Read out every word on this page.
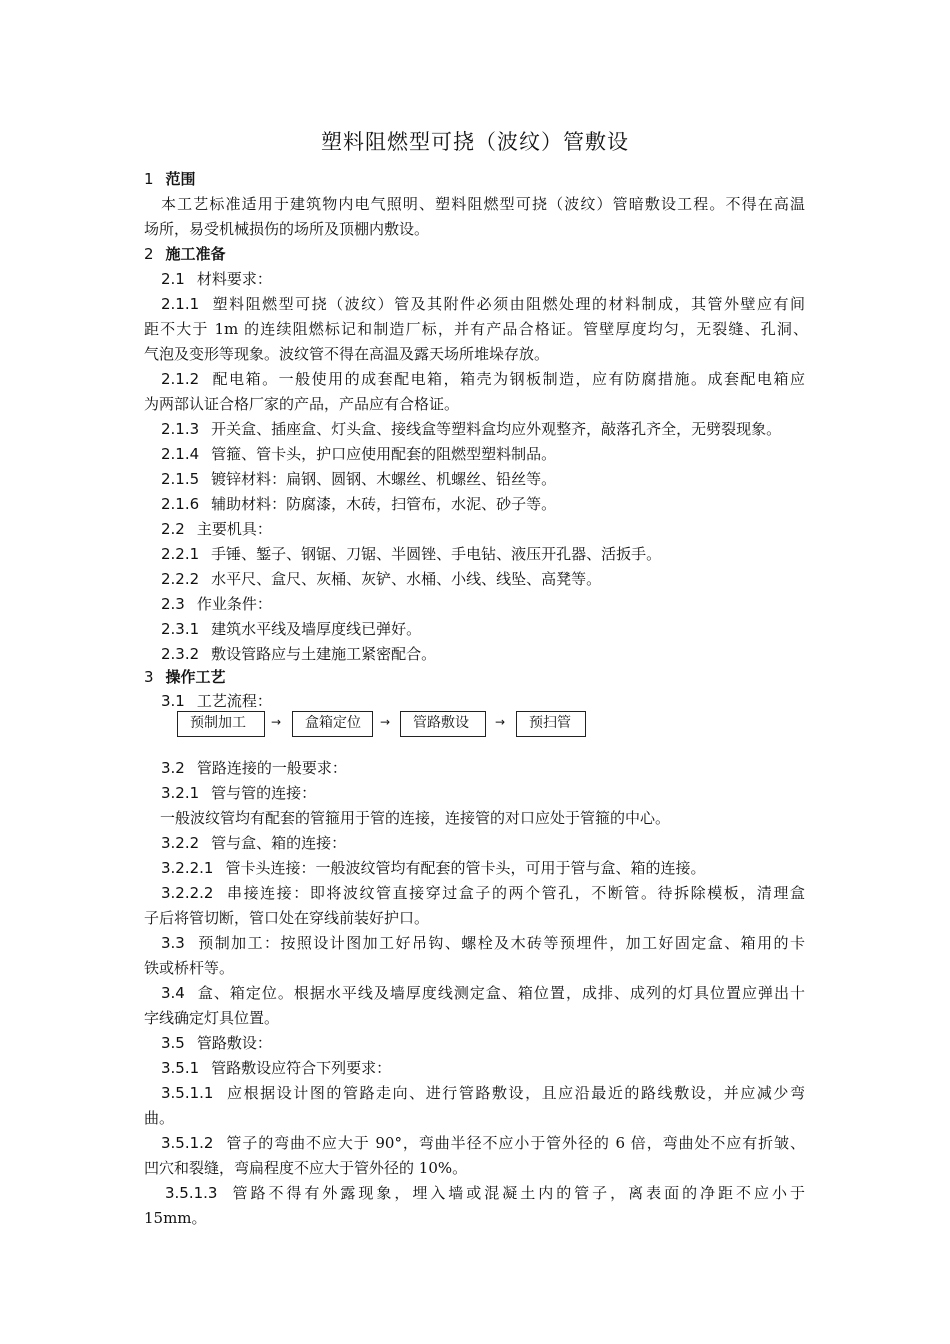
塑料阻燃型可挠（波纹）管敷设
1 范围
本工艺标准适用于建筑物内电气照明、塑料阻燃型可挠（波纹）管暗敷设工程。不得在高温
场所，易受机械损伤的场所及顶棚内敷设。
2 施工准备
2.1 材料要求：
2.1.1 塑料阻燃型可挠（波纹）管及其附件必须由阻燃处理的材料制成，其管外壁应有间
距不大于 1m 的连续阻燃标记和制造厂标，并有产品合格证。管壁厚度均匀，无裂缝、孔洞、
气泡及变形等现象。波纹管不得在高温及露天场所堆垛存放。
2.1.2 配电箱。一般使用的成套配电箱，箱壳为钢板制造，应有防腐措施。成套配电箱应
为两部认证合格厂家的产品，产品应有合格证。
2.1.3 开关盒、插座盒、灯头盒、接线盒等塑料盒均应外观整齐，敲落孔齐全，无劈裂现象。
2.1.4 管箍、管卡头，护口应使用配套的阻燃型塑料制品。
2.1.5 镀锌材料：扁钢、圆钢、木螺丝、机螺丝、铅丝等。
2.1.6 辅助材料：防腐漆，木砖，扫管布，水泥、砂子等。
2.2 主要机具：
2.2.1 手锤、錾子、钢锯、刀锯、半圆锉、手电钻、液压开孔器、活扳手。
2.2.2 水平尺、盒尺、灰桶、灰铲、水桶、小线、线坠、高凳等。
2.3 作业条件：
2.3.1 建筑水平线及墙厚度线已弹好。
2.3.2 敷设管路应与土建施工紧密配合。
3 操作工艺
3.1 工艺流程：
预制加工	→	盒箱定位	→	管路敷设	→	预扫管
3.2 管路连接的一般要求：
3.2.1 管与管的连接：
一般波纹管均有配套的管箍用于管的连接，连接管的对口应处于管箍的中心。
3.2.2 管与盒、箱的连接：
3.2.2.1 管卡头连接：一般波纹管均有配套的管卡头，可用于管与盒、箱的连接。
3.2.2.2 串接连接：即将波纹管直接穿过盒子的两个管孔，不断管。待拆除模板，清理盒
子后将管切断，管口处在穿线前装好护口。
3.3 预制加工：按照设计图加工好吊钩、螺栓及木砖等预埋件，加工好固定盒、箱用的卡
铁或桥杆等。
3.4 盒、箱定位。根据水平线及墙厚度线测定盒、箱位置，成排、成列的灯具位置应弹出十
字线确定灯具位置。
3.5 管路敷设：
3.5.1 管路敷设应符合下列要求：
3.5.1.1 应根据设计图的管路走向、进行管路敷设，且应沿最近的路线敷设，并应减少弯
曲。
3.5.1.2 管子的弯曲不应大于 90°，弯曲半径不应小于管外径的 6 倍，弯曲处不应有折皱、
凹穴和裂缝，弯扁程度不应大于管外径的 10%。
3.5.1.3 管路不得有外露现象，埋入墙或混凝土内的管子，离表面的净距不应小于
15mm。
